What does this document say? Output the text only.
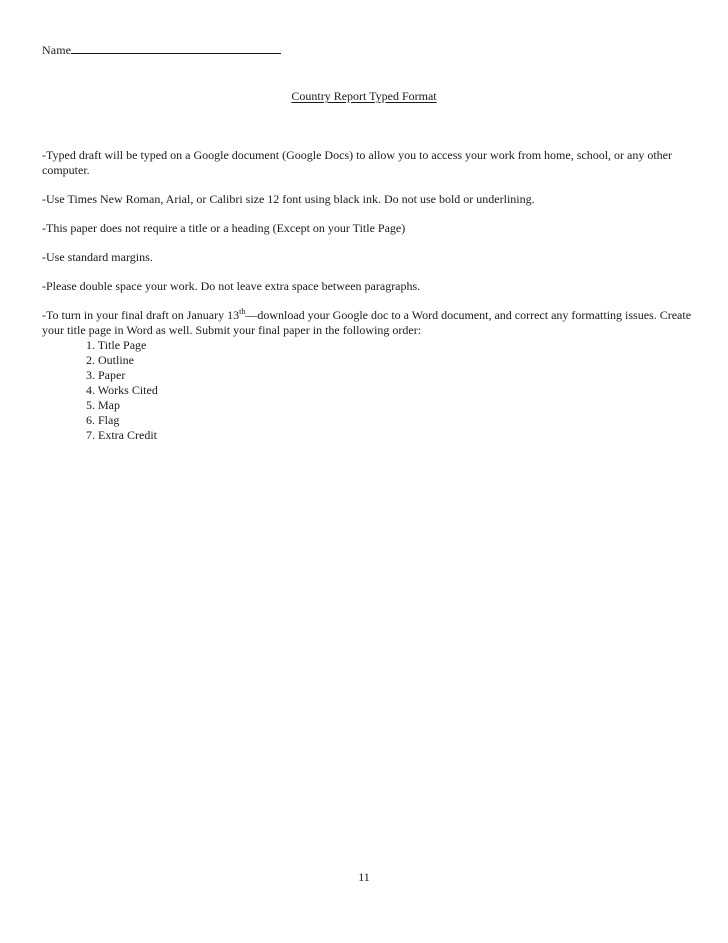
Name
Country Report Typed Format

-Typed draft will be typed on a Google document (Google Docs) to allow you to access your work from home, school, or any other computer.

-Use Times New Roman, Arial, or Calibri size 12 font using black ink. Do not use bold or underlining.

-This paper does not require a title or a heading (Except on your Title Page)

-Use standard margins.

-Please double space your work. Do not leave extra space between paragraphs.

-To turn in your final draft on January 13th—download your Google doc to a Word document, and correct any formatting issues. Create your title page in Word as well. Submit your final paper in the following order:

1. Title Page
2. Outline
3. Paper
4. Works Cited
5. Map
6. Flag
7. Extra Credit
11
